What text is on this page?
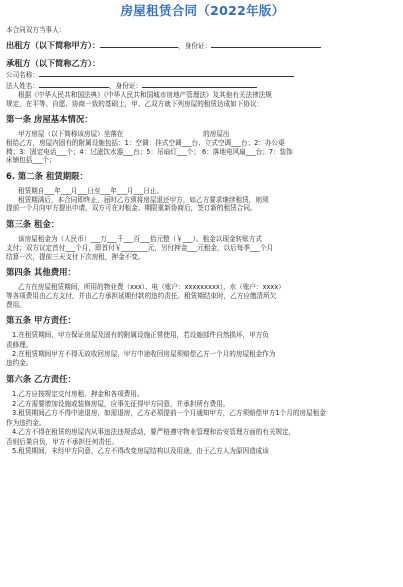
房屋租赁合同（2022年版）

本合同双方当事人：

出租方（以下简称甲方）：	，身份证：

承租方（以下简称乙方）：

公司名称：

法人姓名：	，身份证：

根据《中华人民共和国法典》《中华人民共和国城市房地产管理法》及其他有关法律法规

规定，在平等、自愿、协商一致的基础上，甲、乙双方就下列房屋的租赁达成如下协议：

第一条 房屋基本情况：

甲方房屋（以下简称该房屋）坐落在                                      的房屋出

租给乙方，房屋内固有的附属设施包括：1：空调：挂式空调___台、立式空调___台；2：办公桌

椅；3：固定电话___个；4：过滤饮水器___台；5：吊扇灯___个； 6：落地电风扇___台；7：装饰

床铺包括___个；

6. 第二条 租赁期限：

租赁期自___年___月___日至___年___月___日止。

租赁期满后，本合同即终止，届时乙方须将房屋退还甲方，如乙方要求继续租赁，则须

提前一个月向甲方提出申请，双方可在对租金、期限重新协商后，签订新的租赁合同。

第三条 租金：

该房屋租金为（人民币）___万___千___百___拾元整（￥___）。租金以现金转账方式

支付；双方议定首付___个月，即首付￥________元，另付押金___元租金，以后每季___个月

结算一次，提前三天支付下次房租，押金不变。

第四条 其他费用：

乙方在房屋租赁期间，所用的物业费（xxx）、电（账户：xxxxxxxxx）、水（账户：xxxx）

等各项费用由乙方支付，并由乙方承担延期付款的违约责任。租赁期结束时，乙方应缴清所欠

费用。

第五条 甲方责任：

1.在租赁期间，甲方保证房屋及固有的附属设施正常使用，若设施部件自然损坏，甲方负

责修理。

2.在租赁期间甲方不得无故收回房屋，甲方中途收回房屋须赔偿乙方一个月的房屋租金作为

违约金。

第六条 乙方责任：

1.乙方应按规定交付房租、押金和各项费用。

2.乙方需要增加设施或装修房屋，应事先征得甲方同意，并承担所有费用。

3.租赁期间乙方不得中途退房，如需退房，乙方必须提前一个月通知甲方，乙方须赔偿甲方1个月的房屋租金

作为违约金。

4.乙方不得在租赁的房屋内从事违法违规活动，要严格遵守物业管理和治安管理方面的有关规定，

否则后果自负，甲方不承担任何责任。

5.租赁期间，未经甲方同意，乙方不得改变房屋结构以及用途，由于乙方人为原因造成该
